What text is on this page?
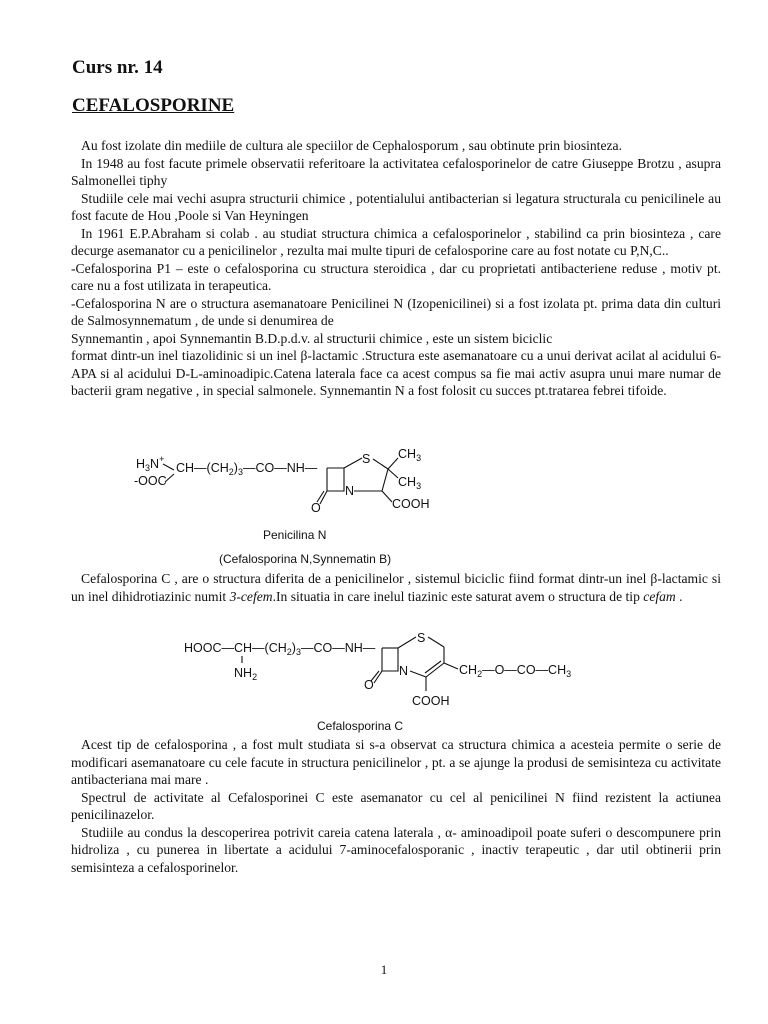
Curs nr. 14
CEFALOSPORINE

Au fost izolate din mediile de cultura ale speciilor de Cephalosporum , sau obtinute prin biosinteza.

In 1948 au fost facute primele observatii referitoare la activitatea cefalosporinelor de catre Giuseppe Brotzu , asupra Salmonellei tiphy

Studiile cele mai vechi asupra structurii chimice , potentialului antibacterian si legatura structurala cu penicilinele au fost facute de Hou ,Poole si Van Heyningen

In 1961 E.P.Abraham si colab . au studiat structura chimica a cefalosporinelor , stabilind ca prin biosinteza , care decurge asemanator cu a penicilinelor , rezulta mai multe tipuri de cefalosporine care au fost notate cu P,N,C..

-Cefalosporina P1 – este o cefalosporina cu structura steroidica , dar cu proprietati antibacteriene reduse , motiv pt. care nu a fost utilizata in terapeutica.

-Cefalosporina N are o structura asemanatoare Penicilinei N (Izopenicilinei) si a fost izolata pt. prima data din culturi de Salmosynnematum , de unde si denumirea de

Synnemantin , apoi Synnemantin B.D.p.d.v. al structurii chimice , este un sistem biciclic

format dintr-un inel tiazolidinic si un inel β-lactamic .Structura este asemanatoare cu a unui derivat acilat al acidului 6-APA si al acidului D-L-aminoadipic.Catena laterala face ca acest compus sa fie mai activ asupra unui mare numar de bacterii gram negative , in special salmonele. Synnemantin N a fost folosit cu succes pt.tratarea febrei tifoide.

$H_3N^+$
-OOC
$CH—(CH_2)_3—CO—NH—$
O
N
S $CH_3$
$CH_3$
COOH

Penicilina N

(Cefalosporina N,Synnematin B)

Cefalosporina C , are o structura diferita de a penicilinelor , sistemul biciclic fiind format dintr-un inel β-lactamic si un inel dihidrotiazinic numit 3-cefem.In situatia in care inelul tiazinic este saturat avem o structura de tip cefam .

$HOOC—CH—(CH_2)_3—CO—NH—$
$NH_2$
O
N
S
$CH_2—O—CO—CH_3$
COOH

Cefalosporina C

Acest tip de cefalosporina , a fost mult studiata si s-a observat ca structura chimica a acesteia permite o serie de modificari asemanatoare cu cele facute in structura penicilinelor , pt. a se ajunge la produsi de semisinteza cu activitate antibacteriana mai mare .

Spectrul de activitate al Cefalosporinei C este asemanator cu cel al penicilinei N fiind rezistent la actiunea penicilinazelor.

Studiile au condus la descoperirea potrivit careia catena laterala , α- aminoadipoil poate suferi o descompunere prin hidroliza , cu punerea in libertate a acidului 7-aminocefalosporanic , inactiv terapeutic , dar util obtinerii prin semisinteza a cefalosporinelor.

1
